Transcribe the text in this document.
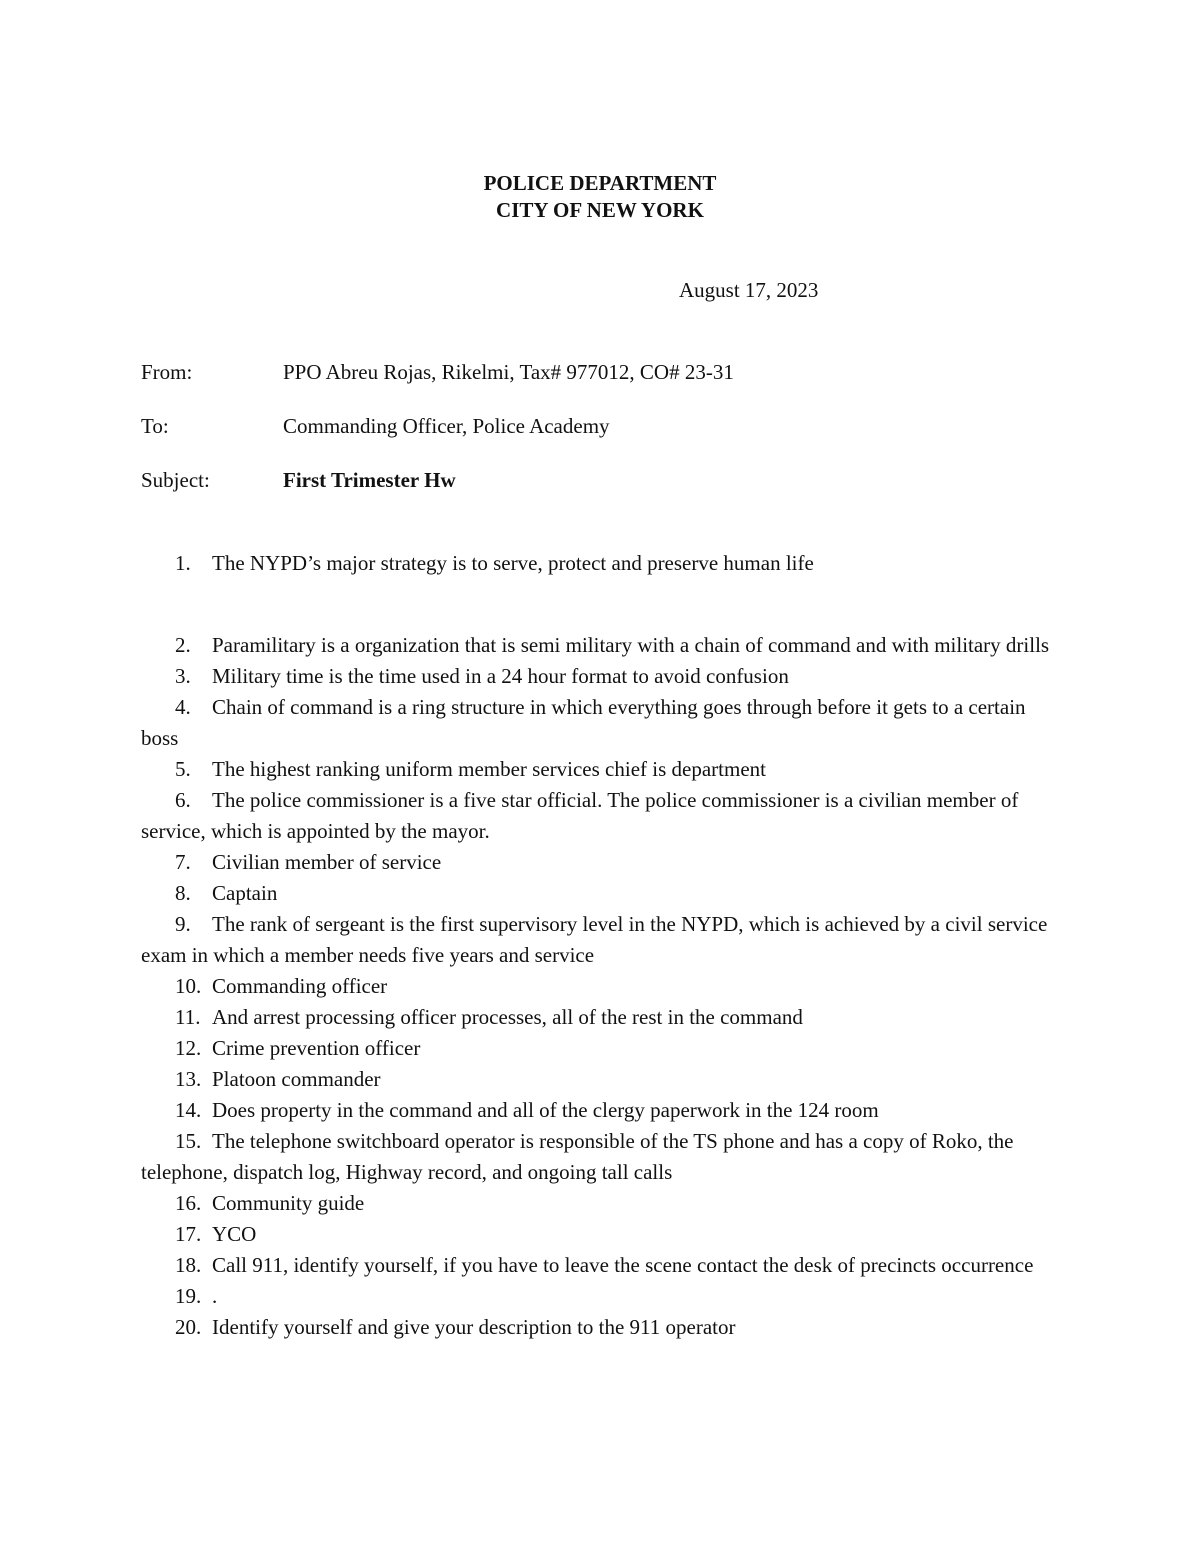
POLICE DEPARTMENT
CITY OF NEW YORK
August 17, 2023
From:	PPO Abreu Rojas, Rikelmi, Tax# 977012, CO# 23-31
To:	Commanding Officer, Police Academy
Subject:	First Trimester Hw

1. The NYPD’s major strategy is to serve, protect and preserve human life

2. Paramilitary is a organization that is semi military with a chain of command and with military drills

3. Military time is the time used in a 24 hour format to avoid confusion

4. Chain of command is a ring structure in which everything goes through before it gets to a certain boss

5. The highest ranking uniform member services chief is department

6. The police commissioner is a five star official. The police commissioner is a civilian member of service, which is appointed by the mayor.

7. Civilian member of service

8. Captain

9. The rank of sergeant is the first supervisory level in the NYPD, which is achieved by a civil service exam in which a member needs five years and service

10. Commanding officer

11. And arrest processing officer processes, all of the rest in the command

12. Crime prevention officer

13. Platoon commander

14. Does property in the command and all of the clergy paperwork in the 124 room

15. The telephone switchboard operator is responsible of the TS phone and has a copy of Roko, the telephone, dispatch log, Highway record, and ongoing tall calls

16. Community guide

17. YCO

18. Call 911, identify yourself, if you have to leave the scene contact the desk of precincts occurrence

19. .

20. Identify yourself and give your description to the 911 operator
